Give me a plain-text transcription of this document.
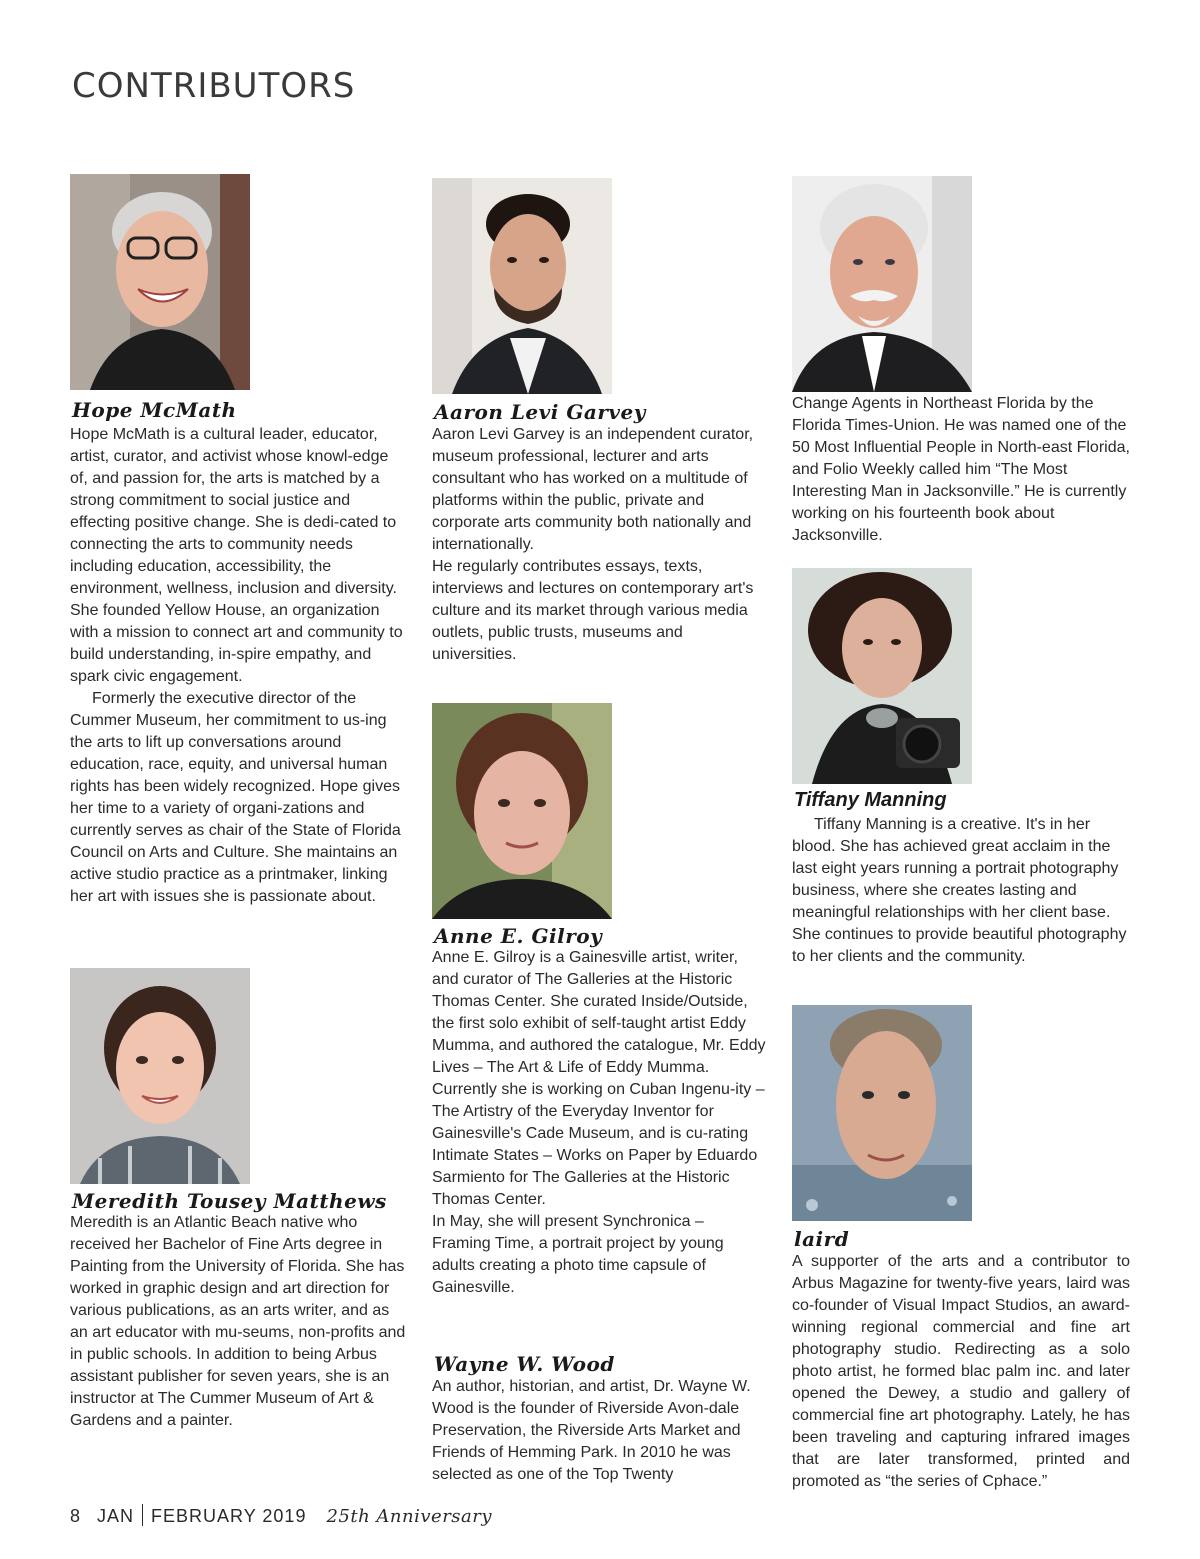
CONTRIBUTORS
Hope McMath

Hope McMath is a cultural leader, educator, artist, curator, and activist whose knowl-edge of, and passion for, the arts is matched by a strong commitment to social justice and effecting positive change. She is dedi-cated to connecting the arts to community needs including education, accessibility, the environment, wellness, inclusion and diversity. She founded Yellow House, an organization with a mission to connect art and community to build understanding, in-spire empathy, and spark civic engagement.

Formerly the executive director of the Cummer Museum, her commitment to us-ing the arts to lift up conversations around education, race, equity, and universal human rights has been widely recognized. Hope gives her time to a variety of organi-zations and currently serves as chair of the State of Florida Council on Arts and Culture. She maintains an active studio practice as a printmaker, linking her art with issues she is passionate about.

Meredith Tousey Matthews

Meredith is an Atlantic Beach native who received her Bachelor of Fine Arts degree in Painting from the University of Florida. She has worked in graphic design and art direction for various publications, as an arts writer, and as an art educator with mu-seums, non-profits and in public schools. In addition to being Arbus assistant publisher for seven years, she is an instructor at The Cummer Museum of Art & Gardens and a painter.

Aaron Levi Garvey

Aaron Levi Garvey is an independent curator, museum professional, lecturer and arts consultant who has worked on a multitude of platforms within the public, private and corporate arts community both nationally and internationally.

He regularly contributes essays, texts, interviews and lectures on contemporary art's culture and its market through various media outlets, public trusts, museums and universities.

Anne E. Gilroy

Anne E. Gilroy is a Gainesville artist, writer, and curator of The Galleries at the Historic Thomas Center. She curated Inside/Outside, the first solo exhibit of self-taught artist Eddy Mumma, and authored the catalogue, Mr. Eddy Lives – The Art & Life of Eddy Mumma. Currently she is working on Cuban Ingenu-ity – The Artistry of the Everyday Inventor for Gainesville's Cade Museum, and is cu-rating Intimate States – Works on Paper by Eduardo Sarmiento for The Galleries at the Historic Thomas Center.

In May, she will present Synchronica – Framing Time, a portrait project by young adults creating a photo time capsule of Gainesville.

Wayne W. Wood

An author, historian, and artist, Dr. Wayne W. Wood is the founder of Riverside Avon-dale Preservation, the Riverside Arts Market and Friends of Hemming Park. In 2010 he was selected as one of the Top Twenty

Change Agents in Northeast Florida by the Florida Times-Union. He was named one of the 50 Most Influential People in North-east Florida, and Folio Weekly called him “The Most Interesting Man in Jacksonville.” He is currently working on his fourteenth book about Jacksonville.

Tiffany Manning

Tiffany Manning is a creative. It's in her blood. She has achieved great acclaim in the last eight years running a portrait photography business, where she creates lasting and meaningful relationships with her client base. She continues to provide beautiful photography to her clients and the community.

laird

A supporter of the arts and a contributor to Arbus Magazine for twenty-five years, laird was co-founder of Visual Impact Studios, an award-winning regional commercial and fine art photography studio. Redirecting as a solo photo artist, he formed blac palm inc. and later opened the Dewey, a studio and gallery of commercial fine art photography. Lately, he has been traveling and capturing infrared images that are later transformed, printed and promoted as “the series of Cphace.”

8 JAN FEBRUARY 2019 25th Anniversary
